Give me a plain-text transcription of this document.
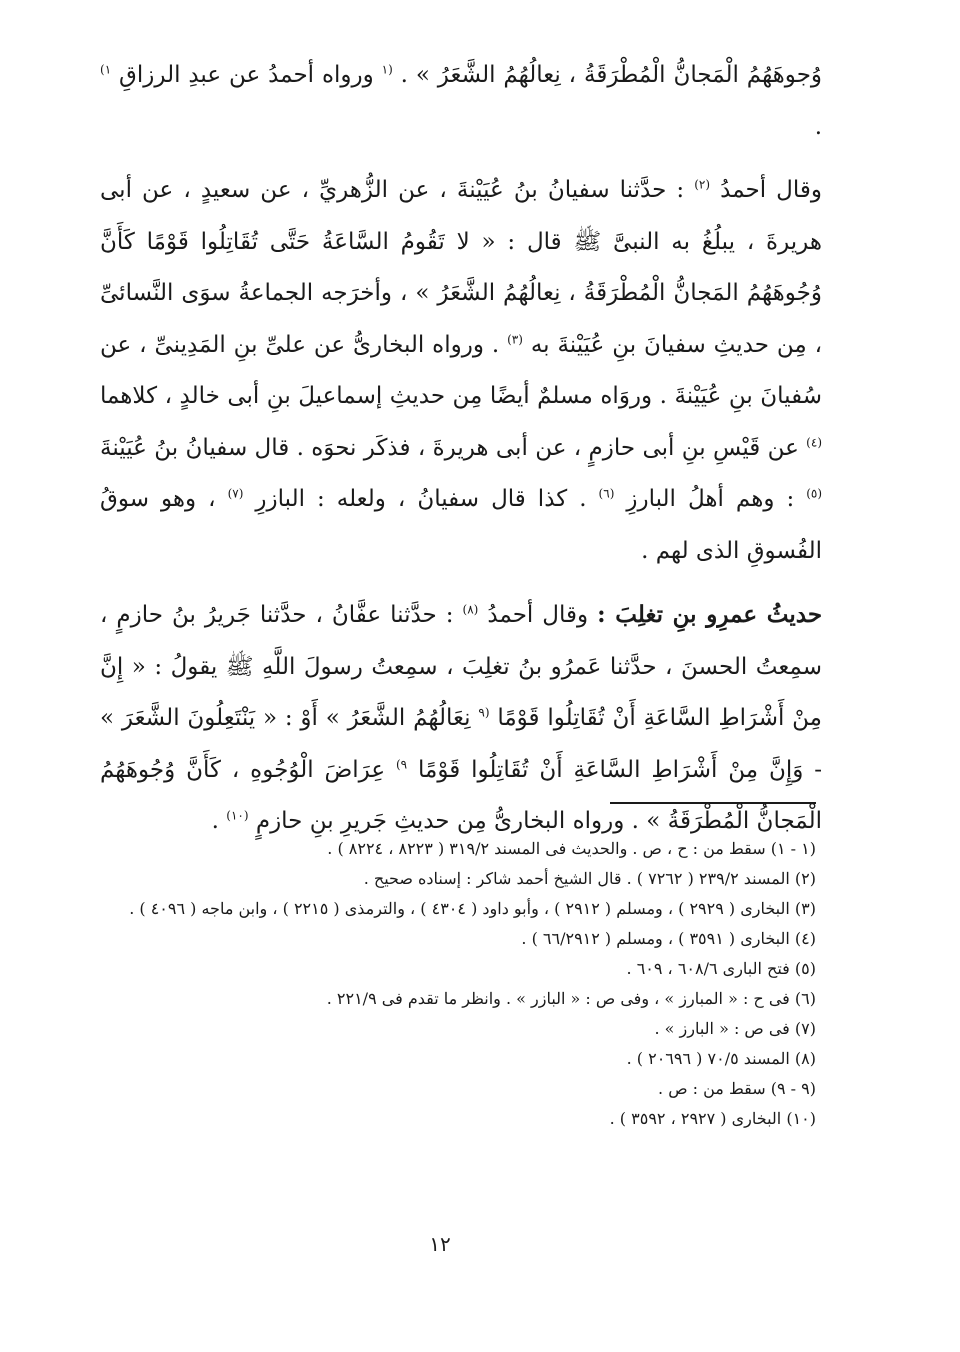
وُجوهَهُمُ الْمَجانُّ الْمُطْرَقَةُ ، نِعالُهُمُ الشَّعَرُ » . $^{(١}$ ورواه أحمدُ عن عبدِ الرزاقِ $^{١)}$ .

وقال أحمدُ $^{(٢)}$ : حدَّثنا سفيانُ بنُ عُيَيْنةَ ، عن الزُّهريِّ ، عن سعيدٍ ، عن أبى هريرةَ ، يبلُغُ به النبىَّ ﷺ قال : « لا تَقُومُ السَّاعَةُ حَتَّى تُقَاتِلُوا قَوْمًا كَأَنَّ وُجُوهَهُمُ المَجانُّ الْمُطْرَقَةُ ، نِعالُهُمُ الشَّعَرُ » ، وأخرَجه الجماعةُ سوَى النَّسائىِّ ، مِن حديثِ سفيانَ بنِ عُيَيْنةَ به $^{(٣)}$ . ورواه البخارىُّ عن علىِّ بنِ المَدِينىِّ ، عن سُفيانَ بنِ عُيَيْنةَ . وروَاه مسلمٌ أيضًا مِن حديثِ إسماعيلَ بنِ أبى خالدٍ ، كلاهما $^{(٤)}$ عن قَيْسِ بنِ أبى حازمٍ ، عن أبى هريرةَ ، فذكَر نحوَه . قال سفيانُ بنُ عُيَيْنةَ $^{(٥)}$ : وهم أهلُ البارزِ $^{(٦)}$ . كذا قال سفيانُ ، ولعله : البازرِ $^{(٧)}$ ، وهو سوقُ الفُسوقِ الذى لهم .

حديثُ عمرِو بنِ تغلِبَ : وقال أحمدُ $^{(٨)}$ : حدَّثنا عفَّانُ ، حدَّثنا جَريرُ بنُ حازمٍ ، سمِعتُ الحسنَ ، حدَّثنا عَمرُو بنُ تغلِبَ ، سمِعتُ رسولَ اللَّهِ ﷺ يقولُ : « إِنَّ مِنْ أَشْرَاطِ السَّاعَةِ أَنْ تُقَاتِلُوا قَوْمًا $^{(٩}$ نِعَالُهُمُ الشَّعَرُ » أَوْ : « يَنْتَعِلُونَ الشَّعَرَ » - وَإِنَّ مِنْ أَشْرَاطِ السَّاعَةِ أَنْ تُقَاتِلُوا قَوْمًا $^{٩)}$ عِرَاضَ الْوُجُوهِ ، كَأَنَّ وُجُوهَهُمُ الْمَجانُّ الْمُطْرَقَةُ » . ورواه البخارىُّ مِن حديثِ جَريرِ بنِ حازمٍ $^{(١٠)}$ .

(١ - ١) سقط من : ح ، ص . والحديث فى المسند ٣١٩/٢ ( ٨٢٢٣ ، ٨٢٢٤ ) .

(٢) المسند ٢٣٩/٢ ( ٧٢٦٢ ) . قال الشيخ أحمد شاكر : إسناده صحيح .

(٣) البخارى ( ٢٩٢٩ ) ، ومسلم ( ٢٩١٢ ) ، وأبو داود ( ٤٣٠٤ ) ، والترمذى ( ٢٢١٥ ) ، وابن ماجه ( ٤٠٩٦ ) .

(٤) البخارى ( ٣٥٩١ ) ، ومسلم ( ٦٦/٢٩١٢ ) .

(٥) فتح البارى ٦٠٨/٦ ، ٦٠٩ .

(٦) فى ح : « المبارز » ، وفى ص : « البازر » . وانظر ما تقدم فى ٢٢١/٩ .

(٧) فى ص : « البارز » .

(٨) المسند ٧٠/٥ ( ٢٠٦٩٦ ) .

(٩ - ٩) سقط من : ص .

(١٠) البخارى ( ٢٩٢٧ ، ٣٥٩٢ ) .

١٢
